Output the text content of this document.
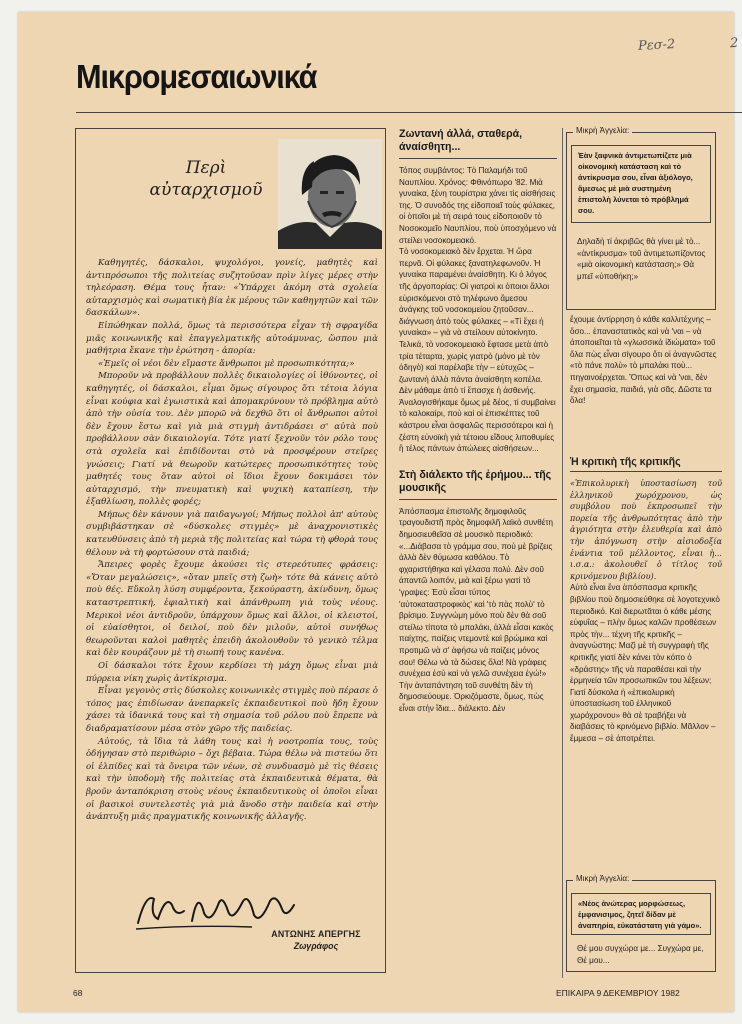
Ρεσ-2	2
Μικρομεσαιωνικά
Περὶ αὐταρχισμοῦ

Καθηγητές, δάσκαλοι, ψυχολόγοι, γονείς, μαθητὲς καὶ ἀντιπρόσωποι τῆς πολιτείας συζητοῦσαν πρὶν λίγες μέρες στὴν τηλεόραση. Θέμα τους ἦταν: «Ὑπάρχει ἀκόμη στὰ σχολεία αὐταρχισμὸς καὶ σωματικὴ βία ἐκ μέρους τῶν καθηγητῶν καὶ τῶν δασκάλων».

Εἰπώθηκαν πολλά, ὅμως τὰ περισσότερα εἶχαν τὴ σφραγίδα μιᾶς κοινωνικῆς καὶ ἐπαγγελματικῆς αὐτοάμυνας, ὥσπου μιὰ μαθήτρια ἔκανε τὴν ἐρώτηση - ἀπορία:

«Ἐμεῖς οἱ νέοι δὲν εἴμαστε ἄνθρωποι μὲ προσωπικότητα;»

Μποροῦν νὰ προβάλλουν πολλὲς δικαιολογίες οἱ ἰθύνοντες, οἱ καθηγητές, οἱ δάσκαλοι, εἶμαι ὅμως σίγουρος ὅτι τέτοια λόγια εἶναι κούφια καὶ ἐγωιστικὰ καὶ ἀπομακρύνουν τὸ πρόβλημα αὐτὸ ἀπὸ τὴν οὐσία του. Δὲν μπορῶ νὰ δεχθῶ ὅτι οἱ ἄνθρωποι αὐτοὶ δὲν ἔχουν ἔστω καὶ γιὰ μιὰ στιγμὴ ἀντιδράσει σ' αὐτὰ ποὺ προβάλλουν σὰν δικαιολογία. Τότε γιατί ξεχνοῦν τὸν ρόλο τους στὰ σχολεῖα καὶ ἐπιδίδονται στὸ νὰ προσφέρουν στεῖρες γνώσεις; Γιατί νὰ θεωροῦν κατώτερες προσωπικότητες τοὺς μαθητές τους ὅταν αὐτοὶ οἱ ἴδιοι ἔχουν δοκιμάσει τὸν αὐταρχισμό, τὴν πνευματικὴ καὶ ψυχικὴ καταπίεση, τὴν ἐξαθλίωση, πολλὲς φορές;

Μήπως δὲν κάνουν γιὰ παιδαγωγοί; Μήπως πολλοὶ ἀπ' αὐτοὺς συμβιβάστηκαν σὲ «δύσκολες στιγμὲς» μὲ ἀναχρονιστικὲς κατευθύνσεις ἀπὸ τὴ μεριὰ τῆς πολιτείας καὶ τώρα τὴ φθορὰ τους θέλουν νὰ τὴ φορτώσουν στὰ παιδιά;

Ἄπειρες φορὲς ἔχουμε ἀκούσει τὶς στερεότυπες φράσεις: «Ὅταν μεγαλώσεις», «ὅταν μπεῖς στὴ ζωὴ» τότε θὰ κάνεις αὐτὸ ποὺ θές. Εὔκολη λύση συμφέροντα, ξεκούραστη, ἀκίνδυνη, ὅμως καταστρεπτική, ἐφιαλτικὴ καὶ ἀπάνθρωπη γιὰ τοὺς νέους. Μερικοὶ νέοι ἀντιδροῦν, ὑπάρχουν ὅμως καὶ ἄλλοι, οἱ κλειστοί, οἱ εὐαίσθητοι, οἱ δειλοί, ποὺ δὲν μιλοῦν, αὐτοὶ συνήθως θεωροῦνται καλοὶ μαθητὲς ἐπειδὴ ἀκολουθοῦν τὸ γενικὸ τέλμα καὶ δὲν κουράζουν μὲ τὴ σιωπή τους κανένα.

Οἱ δάσκαλοι τότε ἔχουν κερδίσει τὴ μάχη ὅμως εἶναι μιὰ πύρρεια νίκη χωρὶς ἀντίκρισμα.

Εἶναι γεγονὸς στὶς δύσκολες κοινωνικὲς στιγμὲς ποὺ πέρασε ὁ τόπος μας ἐπιδίωσαν ἀνεπαρκεῖς ἐκπαιδευτικοὶ ποὺ ἤδη ἔχουν χάσει τὰ ἰδανικά τους καὶ τὴ σημασία τοῦ ρόλου ποὺ ἔπρεπε νὰ διαδραματίσουν μέσα στὸν χῶρο τῆς παιδείας.

Αὐτούς, τὰ ἴδια τὰ λάθη τους καὶ ἡ νοοτροπία τους, τοὺς ὁδήγησαν στὸ περιθώριο – ὄχι βέβαια. Τώρα θέλω νὰ πιστεύω ὅτι οἱ ἐλπίδες καὶ τὰ ὄνειρα τῶν νέων, σὲ συνδυασμὸ μὲ τὶς θέσεις καὶ τὴν ὑποδομὴ τῆς πολιτείας στὰ ἐκπαιδευτικὰ θέματα, θὰ βροῦν ἀνταπόκριση στοὺς νέους ἐκπαιδευτικοὺς οἱ ὁποῖοι εἶναι οἱ βασικοὶ συντελεστὲς γιὰ μιὰ ἄνοδο στὴν παιδεία καὶ στὴν ἀνάπτυξη μιᾶς πραγματικῆς κοινωνικῆς ἀλλαγῆς.

ΑΝΤΩΝΗΣ ΑΠΕΡΓΗΣ
Ζωγράφος
Ζωντανή άλλά, σταθερά, άναίσθητη...

Τόπος συμβάντος: Τὸ Παλαμήδι τοῦ Ναυπλίου. Χρόνος: Φθινόπωρο '82. Μιὰ γυναίκα, ξένη τουρίστρια χάνει τὶς αἰσθήσεις της. Ὁ συνοδός της εἰδοποιεῖ τοὺς φύλακες, οἱ ὁποῖοι μὲ τὴ σειρά τους εἰδοποιοῦν τὸ Νοσοκομεῖο Ναυπλίου, ποὺ ὑποσχόμενο νὰ στείλει νοσοκομειακό.

Τὸ νοσοκομειακὸ δὲν ἔρχεται. Ἡ ὥρα περνᾶ. Οἱ φύλακες ξανατηλεφωνοῦν. Ἡ γυναίκα παραμένει ἀναίσθητη. Κι ὁ λόγος τῆς ἀργοπορίας: Οἱ γιατροὶ κι ὁποιοι ἄλλοι εὑρισκόμενοι στὸ τηλέφωνο ἄμεσου ἀνάγκης τοῦ νοσοκομείου ζητοῦσαν... διάγνωση ἀπὸ τοὺς φύλακες – «Τί ἔχει ἡ γυναίκα» – γιὰ νὰ στείλουν αὐτοκίνητο.

Τελικά, τὸ νοσοκομειακὸ ἔφτασε μετὰ ἀπὸ τρία τέταρτα, χωρὶς γιατρὸ (μόνο μὲ τὸν ὁδηγὸ) καὶ παρέλαβε τὴν – εὐτυχῶς – ζωντανὴ ἀλλὰ πάντα ἀναίσθητη κοπέλα.

Δὲν μάθαμε ἀπὸ τί ἔπασχε ἡ ἀσθενής. Ἀναλογισθήκαμε ὅμως μὲ δέος, τί συμβαίνει τὸ καλοκαίρι, ποὺ καὶ οἱ ἐπισκέπτες τοῦ κάστρου εἶναι ἀσφαλῶς περισσότεροι καὶ ἡ ζέστη εὐνοϊκὴ γιὰ τέτοιου εἴδους λιποθυμίες ἢ τέλος πάντων ἀπώλειες αἰσθήσεων...

Στὴ διάλεκτο τῆς ἐρήμου... τῆς μουσικῆς

Ἀπόσπασμα ἐπιστολῆς δημοφιλοῦς τραγουδιστῆ πρὸς δημοφιλῆ λαϊκὸ συνθέτη δημοσιευθεῖσα σὲ μουσικὸ περιοδικό:

«...Διάβασα τὸ γράμμα σου, ποὺ μὲ βρίζεις ἀλλὰ δὲν θύμωσα καθόλου. Τὸ φχαριστήθηκα καὶ γέλασα πολύ. Δὲν σοῦ ἀπαντῶ λοιπόν, μιὰ καὶ ξέρω γιατί τὸ 'γραψες: Ἐσὺ εἶσαι τύπος 'αὐτοκαταστροφικὸς' καὶ 'τὸ πὰς πολὺ' τὸ βρίσιμο. Συγγνώμη μόνο ποὺ δὲν θὰ σοῦ στείλω τίποτα τὸ μπαλάκι, ἀλλὰ εἶσαι κακὸς παίχτης, παίζεις ντεμοντὲ καὶ βρώμικα καὶ προτιμῶ νὰ σ' ἀφήσω νὰ παίζεις μόνος σου! Θέλω νὰ τὰ δώσεις ὅλα! Νὰ γράφεις συνέχεια ἐσὺ καὶ νὰ γελῶ συνέχεια ἐγώ!»

Τὴν ἀνταπάντηση τοῦ συνθέτη δὲν τὴ δημοσιεύουμε. Ὁρκιζόμαστε, ὅμως, πὼς εἶναι στὴν ἴδια... διάλεκτο. Δὲν

Μικρὴ Ἀγγελία:
Ἐὰν ξαφνικὰ ἀντιμετωπίζετε μιὰ οἰκονομικὴ κατάσταση καὶ τὸ ἀντίκρυσμα σου, εἶναι ἀξιόλογο, ἄμεσως μὲ μιὰ συστημένη ἐπιστολὴ λύνεται τὸ πρόβλημά σου.
Δηλαδὴ τί ἀκριβῶς θὰ γίνει μὲ τὸ... «ἀντίκρυσμα» τοῦ ἀντιμετωπίζοντος «μιὰ οἰκονομικὴ κατάσταση;» Θὰ μπεῖ «ὑποθήκη;»
ἔχουμε ἀντίρρηση ὁ κάθε καλλιτέχνης – ὅσο... ἐπαναστατικὸς καὶ νὰ 'ναι – νὰ ἀποποιεῖται τὰ «γλωσσικὰ ἰδιώματα» τοῦ ὅλα πὼς εἶναι σίγουρο ὅτι οἱ ἀναγνῶστες «τὸ πάνε πολὺ» τὸ μπαλάκι ποὺ... πηγαινοέρχεται. Ὅπως καὶ νὰ 'ναι, δὲν ἔχει σημασία, παιδιά, γιὰ σᾶς. Δῶστε τα ὅλα!
Ἡ κριτικὴ τῆς κριτικῆς
«Ἐπικολυρικὴ ὑποστασίωση τοῦ ἑλληνικοῦ χωρόχρονου, ὡς συμβόλου ποὺ ἐκπροσωπεῖ τὴν πορεία τῆς ἀνθρωπότητας ἀπὸ τὴν ἀγριότητα στὴν ἐλευθερία καὶ ἀπὸ τὴν ἀπόγνωση στὴν αἰσιοδοξία ἐνάντια τοῦ μέλλοντος, εἶναι ἡ... ι.σ.α.: ἀκολουθεῖ ὁ τίτλος τοῦ κρινόμενου βιβλίου).
Αὐτὸ εἶναι ἕνα ἀπόσπασμα κριτικῆς βιβλίου ποὺ δημοσιεύθηκε σὲ λογοτεχνικὸ περιοδικό. Καὶ διερωτᾶται ὁ κάθε μέσης εὐφυΐας – πλὴν ὅμως καλῶν προθέσεων πρὸς τὴν... τέχνη τῆς κριτικῆς – ἀναγνώστης: Μαζὶ μὲ τὴ συγγραφὴ τῆς κριτικῆς γιατί δὲν κάνει τὸν κόπο ὁ «δράστης» τῆς νὰ παραθέσει καὶ τὴν ἑρμηνεία τῶν προσωπικῶν του λέξεων; Γιατί δύσκολα ἡ «ἐπικολυρικὴ ὑποστασίωση τοῦ ἑλληνικοῦ χωρόχρονου» θὰ σὲ τραβήξει νὰ διαβάσεις τὸ κρινόμενο βιβλίο. Μᾶλλον – ἔμμεσα – σὲ ἀποτρέπει.
Μικρὴ Ἀγγελία:
«Νέος ἀνώτερας μορφώσεως, ἐμφανισιμος, ζητεῖ δίδαν μὲ ἀναπηρία, εὐκατάστατη γιὰ γάμο».
Θέ μου συγχώρα με... Συγχώρα με, Θέ μου...
68	ΕΠΙΚΑΙΡΑ 9 ΔΕΚΕΜΒΡΙΟΥ 1982
